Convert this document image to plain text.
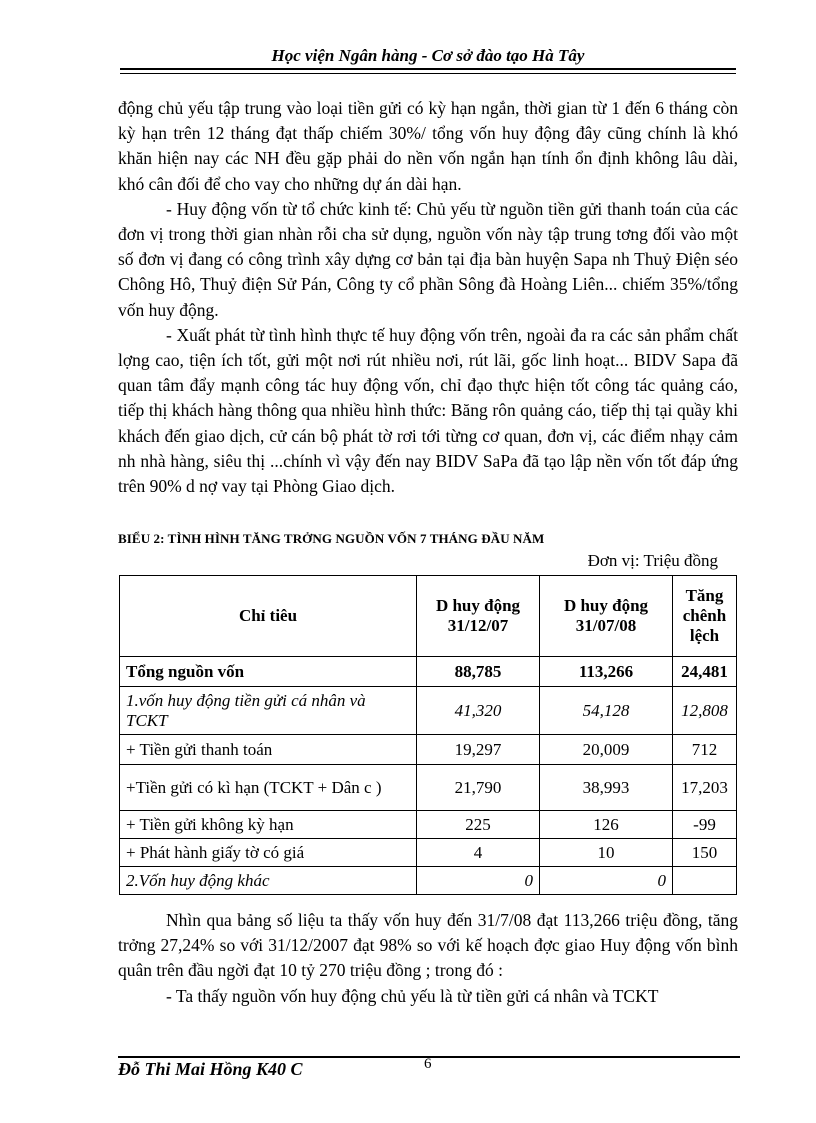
Học viện Ngân hàng - Cơ sở đào tạo Hà Tây

động chủ yếu tập trung vào loại tiền gửi có kỳ hạn ngắn, thời gian từ 1 đến 6 tháng còn kỳ hạn trên 12 tháng đạt thấp chiếm 30%/ tổng vốn huy động đây cũng chính là khó khăn hiện nay các NH đều gặp phải do nền vốn ngắn hạn tính ổn định không lâu dài, khó cân đối để cho vay cho những dự án dài hạn.

- Huy động vốn từ tổ chức kinh tế: Chủ yếu từ nguồn tiền gửi thanh toán của các đơn vị trong thời gian nhàn rỗi cha sử dụng, nguồn vốn này tập trung tơng đối vào một số đơn vị đang có công trình xây dựng cơ bản tại địa bàn huyện Sapa nh Thuỷ Điện séo Chông Hô, Thuỷ điện Sử Pán, Công ty cổ phần Sông đà Hoàng Liên... chiếm 35%/tổng vốn huy động.

- Xuất phát từ tình hình thực tế huy động vốn trên, ngoài đa ra các sản phẩm chất lợng cao, tiện ích tốt, gửi một nơi rút nhiều nơi, rút lãi, gốc linh hoạt... BIDV Sapa đã quan tâm đẩy mạnh công tác huy động vốn, chỉ đạo thực hiện tốt công tác quảng cáo, tiếp thị khách hàng thông qua nhiều hình thức: Băng rôn quảng cáo, tiếp thị tại quầy khi khách đến giao dịch, cử cán bộ phát tờ rơi tới từng cơ quan, đơn vị, các điểm nhạy cảm nh nhà hàng, siêu thị ...chính vì vậy đến nay BIDV SaPa đã tạo lập nền vốn tốt đáp ứng trên 90% d nợ vay tại Phòng Giao dịch.

BIỂU 2: TÌNH HÌNH TĂNG TRỞNG NGUỒN VỐN 7 THÁNG ĐẦU NĂM
Đơn vị: Triệu đồng
Chỉ tiêu	D huy động 31/12/07	D huy động 31/07/08	Tăng chênh lệch
Tổng nguồn vốn	88,785	113,266	24,481
1.vốn huy động tiền gửi cá nhân và TCKT	41,320	54,128	12,808
+ Tiền gửi thanh toán	19,297	20,009	712
+Tiền gửi có kì hạn (TCKT + Dân c )	21,790	38,993	17,203
+ Tiền gửi không kỳ hạn	225	126	-99
+ Phát hành giấy tờ có giá	4	10	150
2.Vốn huy động khác	0	0	

Nhìn qua bảng số liệu ta thấy vốn huy đến 31/7/08 đạt 113,266 triệu đồng, tăng trởng 27,24% so với 31/12/2007 đạt 98% so với kế hoạch đợc giao Huy động vốn bình quân trên đầu ngời đạt 10 tỷ 270 triệu đồng ; trong đó :

- Ta thấy nguồn vốn huy động chủ yếu là từ tiền gửi cá nhân và TCKT

Đỗ Thi Mai Hồng K40 C	6
